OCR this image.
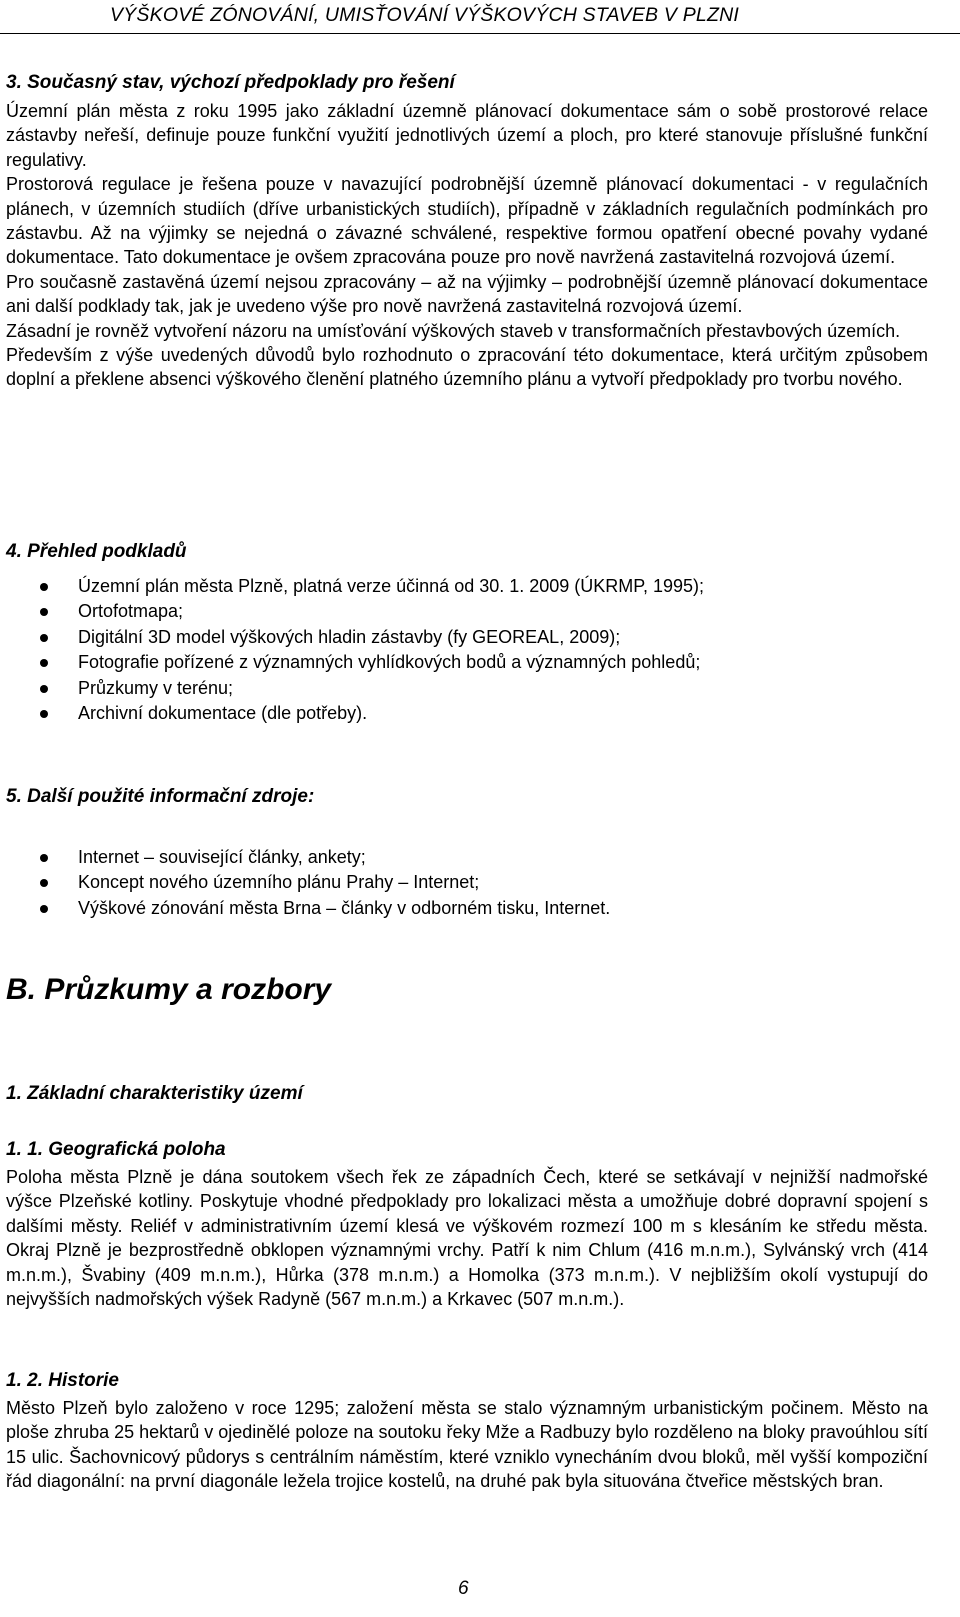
VÝŠKOVÉ ZÓNOVÁNÍ, UMISŤOVÁNÍ VÝŠKOVÝCH STAVEB V PLZNI
3. Současný stav, výchozí předpoklady pro řešení

Územní plán města z roku 1995 jako základní územně plánovací dokumentace sám o sobě prostorové relace zástavby neřeší, definuje pouze funkční využití jednotlivých území a ploch, pro které stanovuje příslušné funkční regulativy.

Prostorová regulace je řešena pouze v navazující podrobnější územně plánovací dokumentaci - v regulačních plánech, v územních studiích (dříve urbanistických studiích), případně v základních regulačních podmínkách pro zástavbu. Až na výjimky se nejedná o závazné schválené, respektive formou opatření obecné povahy vydané dokumentace. Tato dokumentace je ovšem zpracována pouze pro nově navržená zastavitelná rozvojová území.

Pro současně zastavěná území nejsou zpracovány – až na výjimky – podrobnější územně plánovací dokumentace ani další podklady tak, jak je uvedeno výše pro nově navržená zastavitelná rozvojová území.

Zásadní je rovněž vytvoření názoru na umísťování výškových staveb v transformačních přestavbových územích.

Především z výše uvedených důvodů bylo rozhodnuto o zpracování této dokumentace, která určitým způsobem doplní a překlene absenci výškového členění platného územního plánu a vytvoří předpoklady pro tvorbu nového.

4. Přehled podkladů
Územní plán města Plzně, platná verze účinná od 30. 1. 2009 (ÚKRMP, 1995);
Ortofotmapa;
Digitální 3D model výškových hladin zástavby (fy GEOREAL, 2009);
Fotografie pořízené z významných vyhlídkových bodů a významných pohledů;
Průzkumy v terénu;
Archivní dokumentace (dle potřeby).
5. Další použité informační zdroje:
Internet – související články, ankety;
Koncept nového územního plánu Prahy – Internet;
Výškové zónování města Brna – články v odborném tisku, Internet.
B. Průzkumy a rozbory
1. Základní charakteristiky území
1. 1. Geografická poloha

Poloha města Plzně je dána soutokem všech řek ze západních Čech, které se setkávají v nejnižší nadmořské výšce Plzeňské kotliny. Poskytuje vhodné předpoklady pro lokalizaci města a umožňuje dobré dopravní spojení s dalšími městy. Reliéf v administrativním území klesá ve výškovém rozmezí 100 m s klesáním ke středu města. Okraj Plzně je bezprostředně obklopen významnými vrchy. Patří k nim Chlum (416 m.n.m.), Sylvánský vrch (414 m.n.m.), Švabiny (409 m.n.m.), Hůrka (378 m.n.m.) a Homolka (373 m.n.m.). V nejbližším okolí vystupují do nejvyšších nadmořských výšek Radyně (567 m.n.m.) a Krkavec (507 m.n.m.).

1. 2. Historie

Město Plzeň bylo založeno v roce 1295; založení města se stalo významným urbanistickým počinem. Město na ploše zhruba 25 hektarů v ojedinělé poloze na soutoku řeky Mže a Radbuzy bylo rozděleno na bloky pravoúhlou sítí 15 ulic. Šachovnicový půdorys s centrálním náměstím, které vzniklo vynecháním dvou bloků, měl vyšší kompoziční řád diagonální: na první diagonále ležela trojice kostelů, na druhé pak byla situována čtveřice městských bran.

6
